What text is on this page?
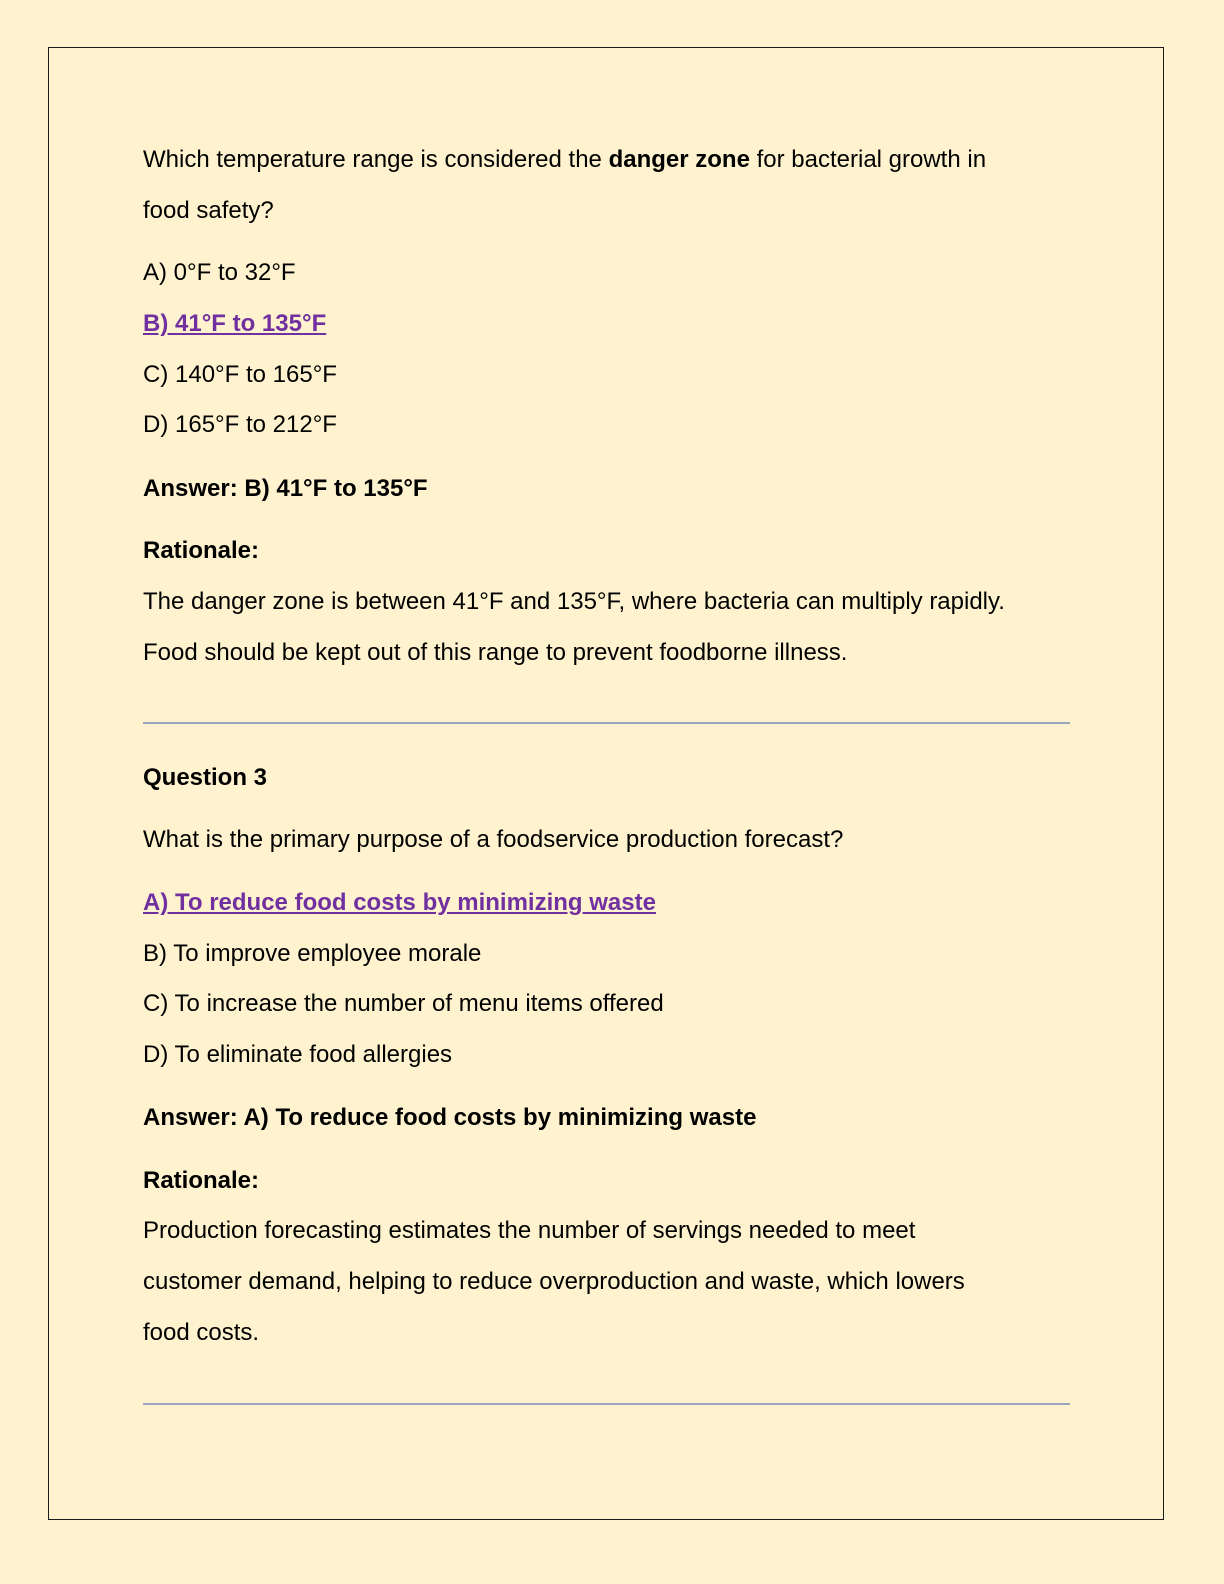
Which temperature range is considered the danger zone for bacterial growth in
food safety?
A) 0°F to 32°F
B) 41°F to 135°F
C) 140°F to 165°F
D) 165°F to 212°F
Answer: B) 41°F to 135°F
Rationale:
The danger zone is between 41°F and 135°F, where bacteria can multiply rapidly.
Food should be kept out of this range to prevent foodborne illness.
Question 3
What is the primary purpose of a foodservice production forecast?
A) To reduce food costs by minimizing waste
B) To improve employee morale
C) To increase the number of menu items offered
D) To eliminate food allergies
Answer: A) To reduce food costs by minimizing waste
Rationale:
Production forecasting estimates the number of servings needed to meet
customer demand, helping to reduce overproduction and waste, which lowers
food costs.
